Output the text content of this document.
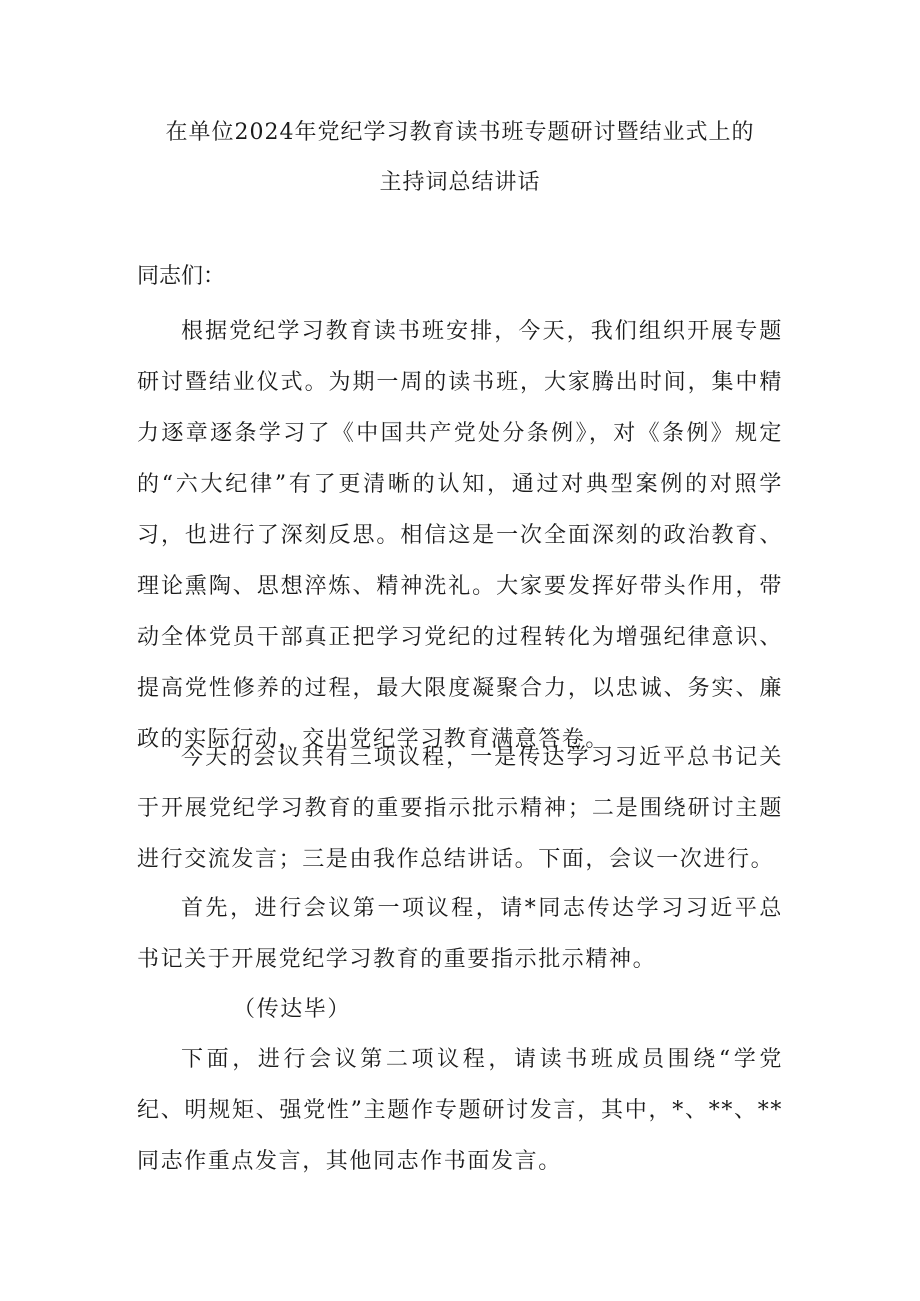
在单位2024年党纪学习教育读书班专题研讨暨结业式上的
主持词总结讲话
同志们：

根据党纪学习教育读书班安排，今天，我们组织开展专题研讨暨结业仪式。为期一周的读书班，大家腾出时间，集中精力逐章逐条学习了《中国共产党处分条例》，对《条例》规定的“六大纪律”有了更清晰的认知，通过对典型案例的对照学习，也进行了深刻反思。相信这是一次全面深刻的政治教育、理论熏陶、思想淬炼、精神洗礼。大家要发挥好带头作用，带动全体党员干部真正把学习党纪的过程转化为增强纪律意识、提高党性修养的过程，最大限度凝聚合力，以忠诚、务实、廉政的实际行动，交出党纪学习教育满意答卷。

今天的会议共有三项议程，一是传达学习习近平总书记关于开展党纪学习教育的重要指示批示精神；二是围绕研讨主题进行交流发言；三是由我作总结讲话。下面，会议一次进行。

首先，进行会议第一项议程，请*同志传达学习习近平总书记关于开展党纪学习教育的重要指示批示精神。

（传达毕）

下面，进行会议第二项议程，请读书班成员围绕“学党纪、明规矩、强党性”主题作专题研讨发言，其中，*、**、**同志作重点发言，其他同志作书面发言。
